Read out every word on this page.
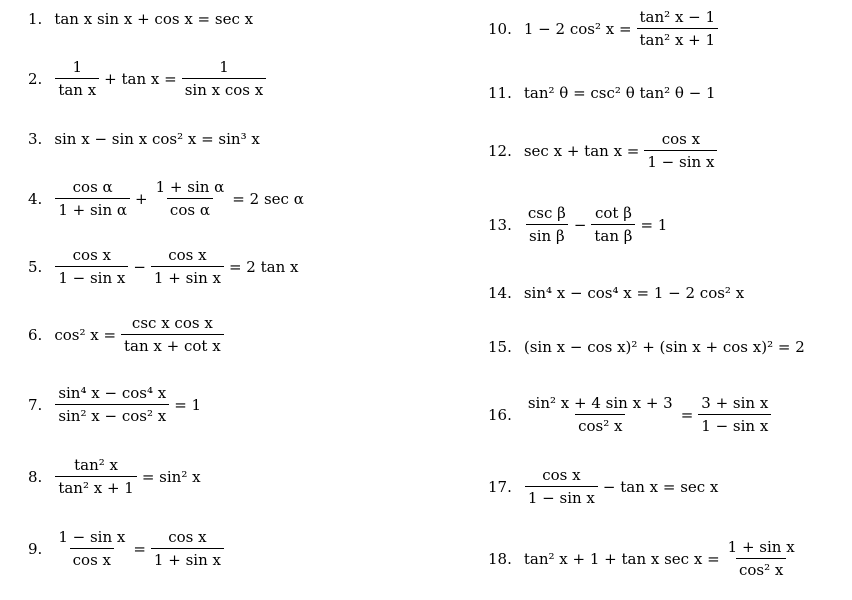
1. tan x sin x + cos x = sec x
2. $\frac{1}{\text{tan x}} + \tan x = \frac{1}{\text{sin x cos x}}$
3. sin x − sin x cos² x = sin³ x
4. $\frac{\text{cos α}}{\text{1 + sin α}} + \frac{\text{1 + sin α}}{\text{cos α}} = 2$ sec α
5. $\frac{\text{cos x}}{\text{1 − sin x}} - \frac{\text{cos x}}{\text{1 + sin x}} = 2$ tan x
6. cos² $x = \frac{\text{csc x cos x}}{\text{tan x + cot x}}$
7. $\frac{\text{sin⁴ x − cos⁴ x}}{\text{sin² x − cos² x}} = 1$
8. $\frac{\text{tan² x}}{\text{tan² x + 1}} = \sin^2$ x
9. $\frac{\text{1 − sin x}}{\text{cos x}} = \frac{\text{cos x}}{\text{1 + sin x}}$
10. 1 − 2 cos² $x = \frac{\text{tan² x − 1}}{\text{tan² x + 1}}$
11. tan² θ = csc² θ tan² θ − 1
12. $\sec x + \tan x = \frac{\text{cos x}}{\text{1 − sin x}}$
13. $\frac{\text{csc β}}{\text{sin β}} - \frac{\text{cot β}}{\text{tan β}} = 1$
14. sin⁴ x − cos⁴ x = 1 − 2 cos² x
15. (sin x − cos x)² + (sin x + cos x)² = 2
16. $\frac{\text{sin² x + 4 sin x + 3}}{\text{cos² x}} = \frac{\text{3 + sin x}}{\text{1 − sin x}}$
17. $\frac{\text{cos x}}{\text{1 − sin x}} - \tan x = \sec x$
18. tan² x + 1 + tan x $\sec x = \frac{\text{1 + sin x}}{\text{cos² x}}$
